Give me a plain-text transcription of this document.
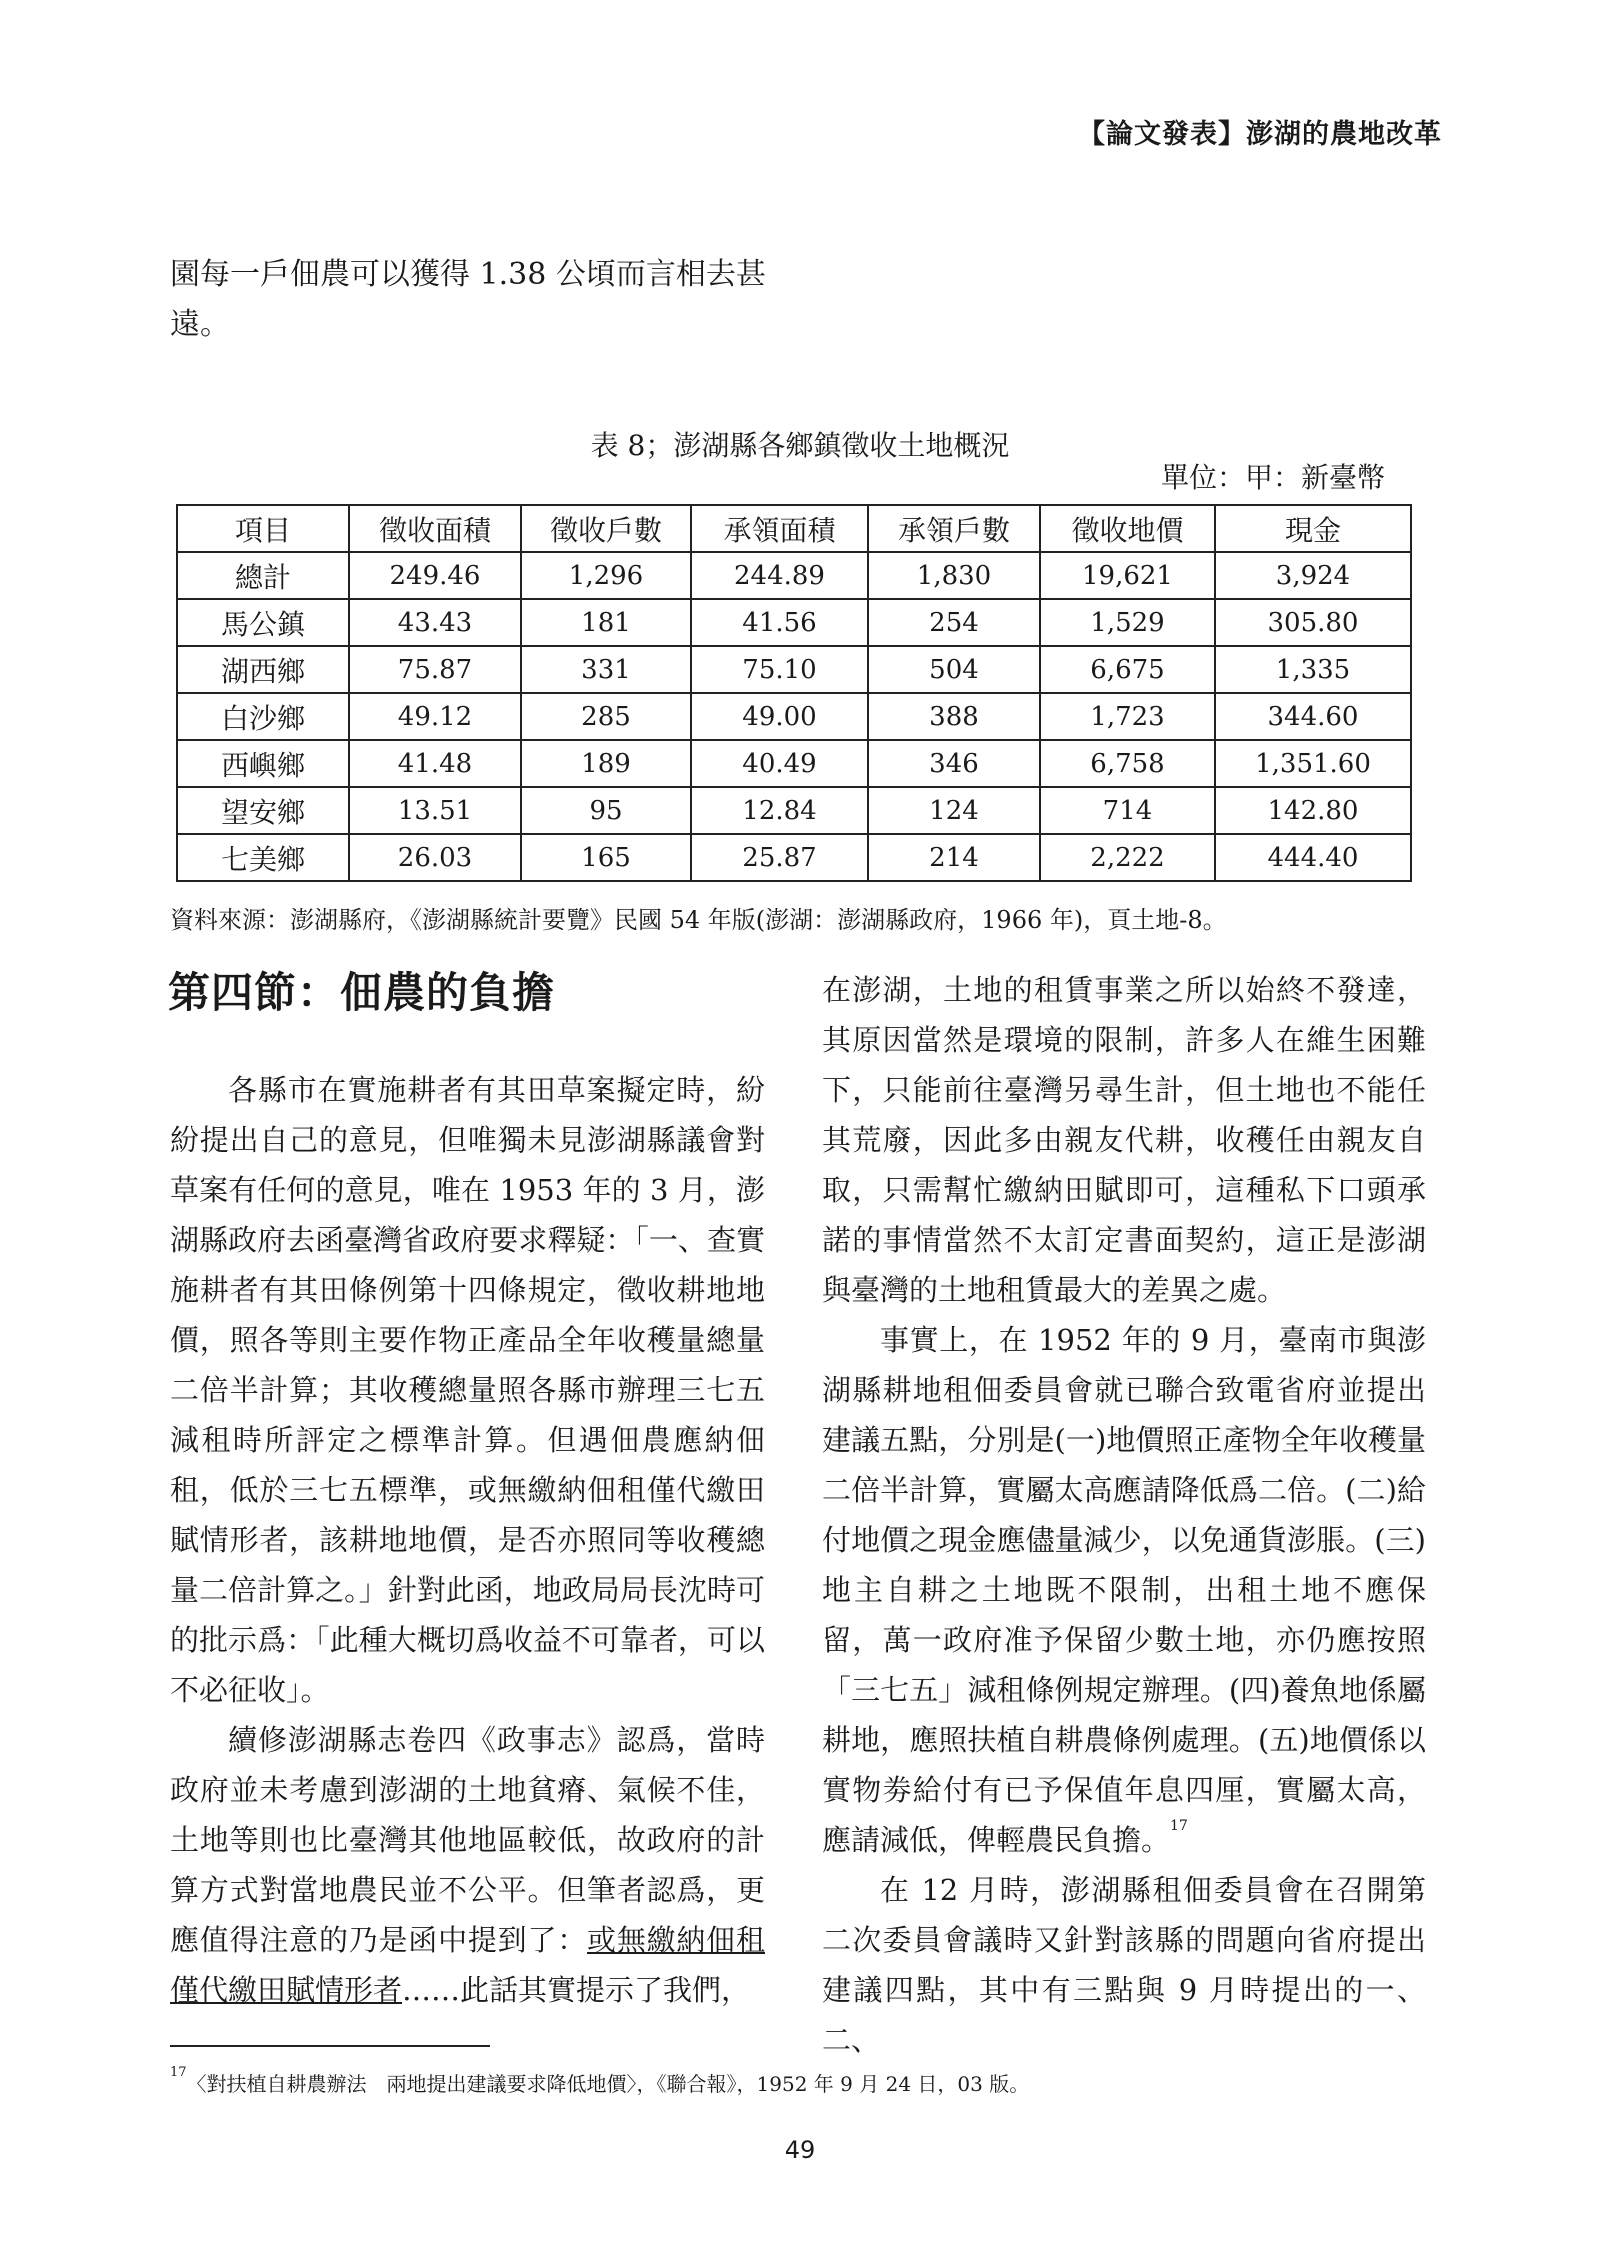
【論文發表】澎湖的農地改革

園每一戶佃農可以獲得 1.38 公頃而言相去甚

遠。

表 8；澎湖縣各鄉鎮徵收土地概況
單位：甲：新臺幣
項目	徵收面積	徵收戶數	承領面積	承領戶數	徵收地價	現金
總計	249.46	1,296	244.89	1,830	19,621	3,924
馬公鎮	43.43	181	41.56	254	1,529	305.80
湖西鄉	75.87	331	75.10	504	6,675	1,335
白沙鄉	49.12	285	49.00	388	1,723	344.60
西嶼鄉	41.48	189	40.49	346	6,758	1,351.60
望安鄉	13.51	95	12.84	124	714	142.80
七美鄉	26.03	165	25.87	214	2,222	444.40
資料來源：澎湖縣府，《澎湖縣統計要覽》民國 54 年版(澎湖：澎湖縣政府，1966 年)，頁土地-8。
第四節：佃農的負擔

各縣市在實施耕者有其田草案擬定時，紛紛提出自己的意見，但唯獨未見澎湖縣議會對草案有任何的意見，唯在 1953 年的 3 月，澎湖縣政府去函臺灣省政府要求釋疑：「一、查實施耕者有其田條例第十四條規定，徵收耕地地價，照各等則主要作物正產品全年收穫量總量二倍半計算；其收穫總量照各縣市辦理三七五減租時所評定之標準計算。但遇佃農應納佃租，低於三七五標準，或無繳納佃租僅代繳田賦情形者，該耕地地價，是否亦照同等收穫總量二倍計算之。」針對此函，地政局局長沈時可的批示爲：「此種大概切爲收益不可靠者，可以不必征收」。

續修澎湖縣志卷四《政事志》認爲，當時政府並未考慮到澎湖的土地貧瘠、氣候不佳，土地等則也比臺灣其他地區較低，故政府的計算方式對當地農民並不公平。但筆者認爲，更應值得注意的乃是函中提到了：或無繳納佃租僅代繳田賦情形者……此話其實提示了我們，

在澎湖，土地的租賃事業之所以始終不發達，其原因當然是環境的限制，許多人在維生困難下，只能前往臺灣另尋生計，但土地也不能任其荒廢，因此多由親友代耕，收穫任由親友自取，只需幫忙繳納田賦即可，這種私下口頭承諾的事情當然不太訂定書面契約，這正是澎湖與臺灣的土地租賃最大的差異之處。

事實上，在 1952 年的 9 月，臺南市與澎湖縣耕地租佃委員會就已聯合致電省府並提出建議五點，分別是(一)地價照正產物全年收穫量二倍半計算，實屬太高應請降低爲二倍。(二)給付地價之現金應儘量減少，以免通貨澎脹。(三)地主自耕之土地既不限制，出租土地不應保留，萬一政府准予保留少數土地，亦仍應按照「三七五」減租條例規定辦理。(四)養魚地係屬耕地，應照扶植自耕農條例處理。(五)地價係以實物劵給付有已予保值年息四厘，實屬太高，應請減低，俾輕農民負擔。$^{17}$

在 12 月時，澎湖縣租佃委員會在召開第二次委員會議時又針對該縣的問題向省府提出建議四點，其中有三點與 9 月時提出的一、二、

$^{17}$〈對扶植自耕農辦法　兩地提出建議要求降低地價〉，《聯合報》，1952 年 9 月 24 日，03 版。
49
